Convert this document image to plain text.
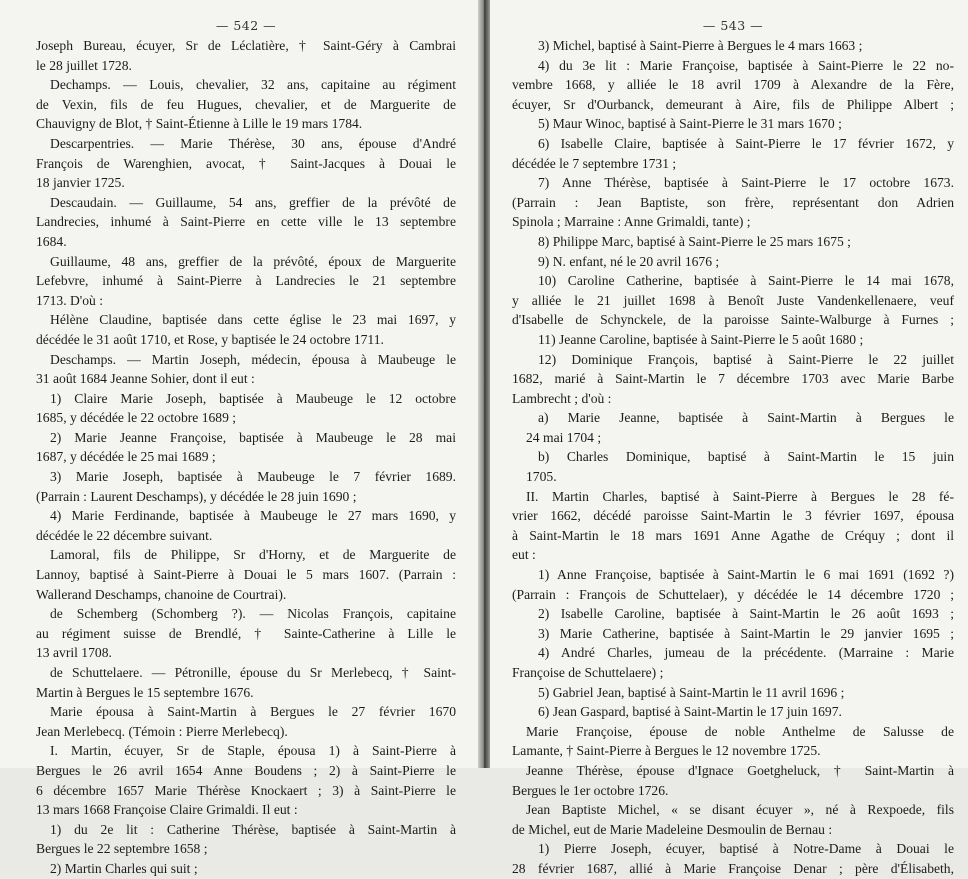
— 542 —
Joseph Bureau, écuyer, Sr de Léclatière, † Saint-Géry à Cambrai
le 28 juillet 1728.
Dechamps. — Louis, chevalier, 32 ans, capitaine au régiment
de Vexin, fils de feu Hugues, chevalier, et de Marguerite de
Chauvigny de Blot, † Saint-Étienne à Lille le 19 mars 1784.
Descarpentries. — Marie Thérèse, 30 ans, épouse d'André
François de Warenghien, avocat, † Saint-Jacques à Douai le
18 janvier 1725.
Descaudain. — Guillaume, 54 ans, greffier de la prévôté de
Landrecies, inhumé à Saint-Pierre en cette ville le 13 septembre
1684.
Guillaume, 48 ans, greffier de la prévôté, époux de Marguerite
Lefebvre, inhumé à Saint-Pierre à Landrecies le 21 septembre
1713. D'où :
Hélène Claudine, baptisée dans cette église le 23 mai 1697, y
décédée le 31 août 1710, et Rose, y baptisée le 24 octobre 1711.
Deschamps. — Martin Joseph, médecin, épousa à Maubeuge le
31 août 1684 Jeanne Sohier, dont il eut :
1) Claire Marie Joseph, baptisée à Maubeuge le 12 octobre
1685, y décédée le 22 octobre 1689 ;
2) Marie Jeanne Françoise, baptisée à Maubeuge le 28 mai
1687, y décédée le 25 mai 1689 ;
3) Marie Joseph, baptisée à Maubeuge le 7 février 1689.
(Parrain : Laurent Deschamps), y décédée le 28 juin 1690 ;
4) Marie Ferdinande, baptisée à Maubeuge le 27 mars 1690, y
décédée le 22 décembre suivant.
Lamoral, fils de Philippe, Sr d'Horny, et de Marguerite de
Lannoy, baptisé à Saint-Pierre à Douai le 5 mars 1607. (Parrain :
Wallerand Deschamps, chanoine de Courtrai).
de Schemberg (Schomberg ?). — Nicolas François, capitaine
au régiment suisse de Brendlé, † Sainte-Catherine à Lille le
13 avril 1708.
de Schuttelaere. — Pétronille, épouse du Sr Merlebecq, † Saint-
Martin à Bergues le 15 septembre 1676.
Marie épousa à Saint-Martin à Bergues le 27 février 1670
Jean Merlebecq. (Témoin : Pierre Merlebecq).
I. Martin, écuyer, Sr de Staple, épousa 1) à Saint-Pierre à
Bergues le 26 avril 1654 Anne Boudens ; 2) à Saint-Pierre le
6 décembre 1657 Marie Thérèse Knockaert ; 3) à Saint-Pierre le
13 mars 1668 Françoise Claire Grimaldi. Il eut :
1) du 2e lit : Catherine Thérèse, baptisée à Saint-Martin à
Bergues le 22 septembre 1658 ;
2) Martin Charles qui suit ;
— 543 —
3) Michel, baptisé à Saint-Pierre à Bergues le 4 mars 1663 ;
4) du 3e lit : Marie Françoise, baptisée à Saint-Pierre le 22 no-
vembre 1668, y alliée le 18 avril 1709 à Alexandre de la Fère,
écuyer, Sr d'Ourbanck, demeurant à Aire, fils de Philippe Albert ;
5) Maur Winoc, baptisé à Saint-Pierre le 31 mars 1670 ;
6) Isabelle Claire, baptisée à Saint-Pierre le 17 février 1672, y
décédée le 7 septembre 1731 ;
7) Anne Thérèse, baptisée à Saint-Pierre le 17 octobre 1673.
(Parrain : Jean Baptiste, son frère, représentant don Adrien
Spinola ; Marraine : Anne Grimaldi, tante) ;
8) Philippe Marc, baptisé à Saint-Pierre le 25 mars 1675 ;
9) N. enfant, né le 20 avril 1676 ;
10) Caroline Catherine, baptisée à Saint-Pierre le 14 mai 1678,
y alliée le 21 juillet 1698 à Benoît Juste Vandenkellenaere, veuf
d'Isabelle de Schynckele, de la paroisse Sainte-Walburge à Furnes ;
11) Jeanne Caroline, baptisée à Saint-Pierre le 5 août 1680 ;
12) Dominique François, baptisé à Saint-Pierre le 22 juillet
1682, marié à Saint-Martin le 7 décembre 1703 avec Marie Barbe
Lambrecht ; d'où :
a) Marie Jeanne, baptisée à Saint-Martin à Bergues le
24 mai 1704 ;
b) Charles Dominique, baptisé à Saint-Martin le 15 juin
1705.
II. Martin Charles, baptisé à Saint-Pierre à Bergues le 28 fé-
vrier 1662, décédé paroisse Saint-Martin le 3 février 1697, épousa
à Saint-Martin le 18 mars 1691 Anne Agathe de Créquy ; dont il
eut :
1) Anne Françoise, baptisée à Saint-Martin le 6 mai 1691 (1692 ?)
(Parrain : François de Schuttelaer), y décédée le 14 décembre 1720 ;
2) Isabelle Caroline, baptisée à Saint-Martin le 26 août 1693 ;
3) Marie Catherine, baptisée à Saint-Martin le 29 janvier 1695 ;
4) André Charles, jumeau de la précédente. (Marraine : Marie
Françoise de Schuttelaere) ;
5) Gabriel Jean, baptisé à Saint-Martin le 11 avril 1696 ;
6) Jean Gaspard, baptisé à Saint-Martin le 17 juin 1697.
Marie Françoise, épouse de noble Anthelme de Salusse de
Lamante, † Saint-Pierre à Bergues le 12 novembre 1725.
Jeanne Thérèse, épouse d'Ignace Goetgheluck, † Saint-Martin à
Bergues le 1er octobre 1726.
Jean Baptiste Michel, « se disant écuyer », né à Rexpoede, fils
de Michel, eut de Marie Madeleine Desmoulin de Bernau :
1) Pierre Joseph, écuyer, baptisé à Notre-Dame à Douai le
28 février 1687, allié à Marie Françoise Denar ; père d'Élisabeth,
